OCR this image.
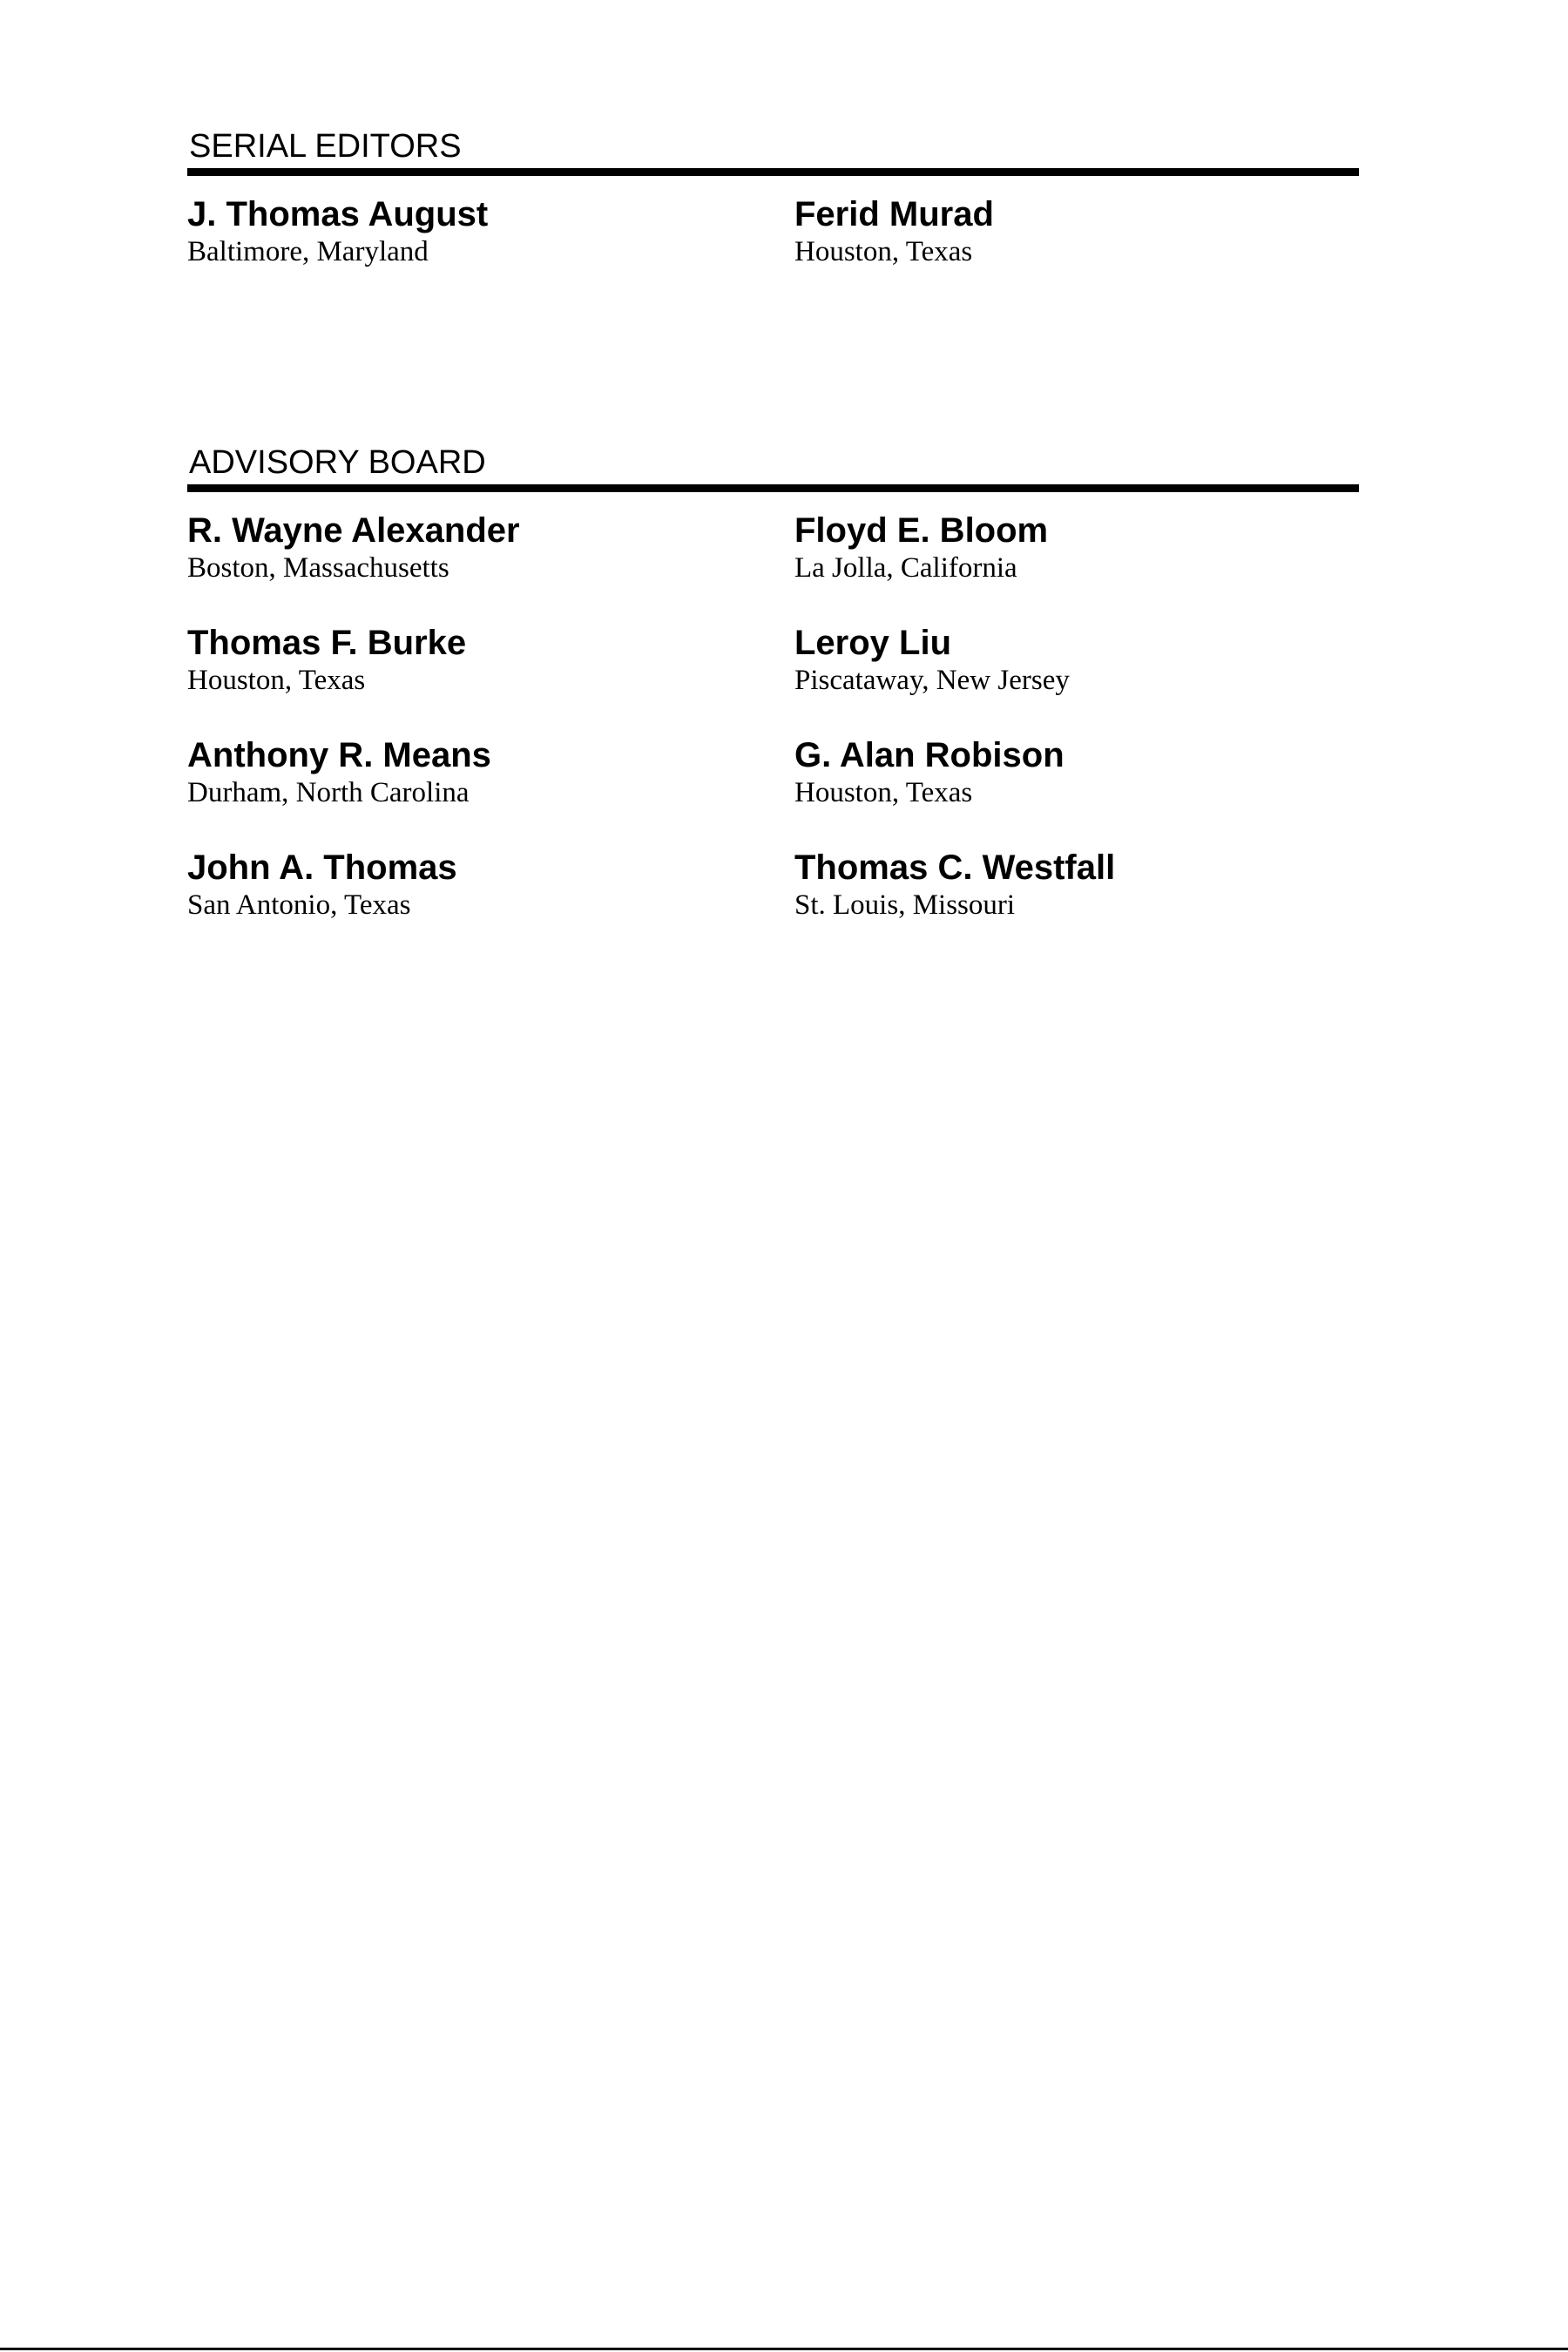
SERIAL EDITORS

J. Thomas August

Baltimore, Maryland

Ferid Murad

Houston, Texas

ADVISORY BOARD

R. Wayne Alexander

Boston, Massachusetts

Floyd E. Bloom

La Jolla, California

Thomas F. Burke

Houston, Texas

Leroy Liu

Piscataway, New Jersey

Anthony R. Means

Durham, North Carolina

G. Alan Robison

Houston, Texas

John A. Thomas

San Antonio, Texas

Thomas C. Westfall

St. Louis, Missouri
